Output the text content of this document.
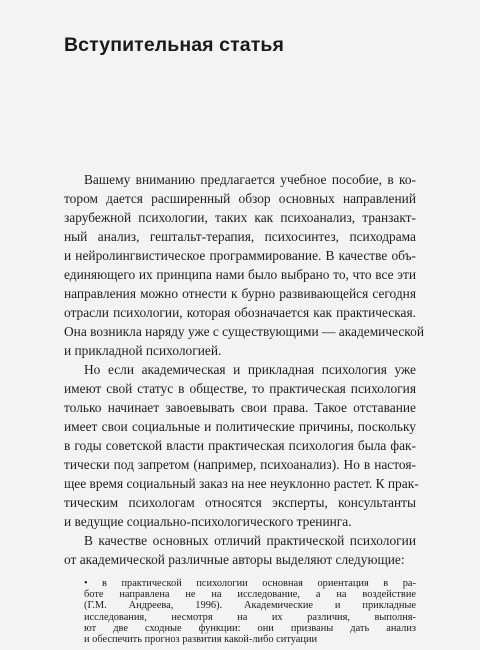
Вступительная статья
Вашему вниманию предлагается учебное пособие, в ко-
тором дается расширенный обзор основных направлений
зарубежной психологии, таких как психоанализ, транзакт-
ный анализ, гештальт-терапия, психосинтез, психодрама
и нейролингвистическое программирование. В качестве объ-
единяющего их принципа нами было выбрано то, что все эти
направления можно отнести к бурно развивающейся сегодня
отрасли психологии, которая обозначается как практическая.
Она возникла наряду уже с существующими — академической
и прикладной психологией.
Но если академическая и прикладная психология уже
имеют свой статус в обществе, то практическая психология
только начинает завоевывать свои права. Такое отставание
имеет свои социальные и политические причины, поскольку
в годы советской власти практическая психология была фак-
тически под запретом (например, психоанализ). Но в настоя-
щее время социальный заказ на нее неуклонно растет. К прак-
тическим психологам относятся эксперты, консультанты
и ведущие социально-психологического тренинга.
В качестве основных отличий практической психологии
от академической различные авторы выделяют следующие:
• в практической психологии основная ориентация в ра-
боте направлена не на исследование, а на воздействие
(Г.М. Андреева, 1996). Академические и прикладные
исследования, несмотря на их различия, выполня-
ют две сходные функции: они призваны дать анализ
и обеспечить прогноз развития какой-либо ситуации
